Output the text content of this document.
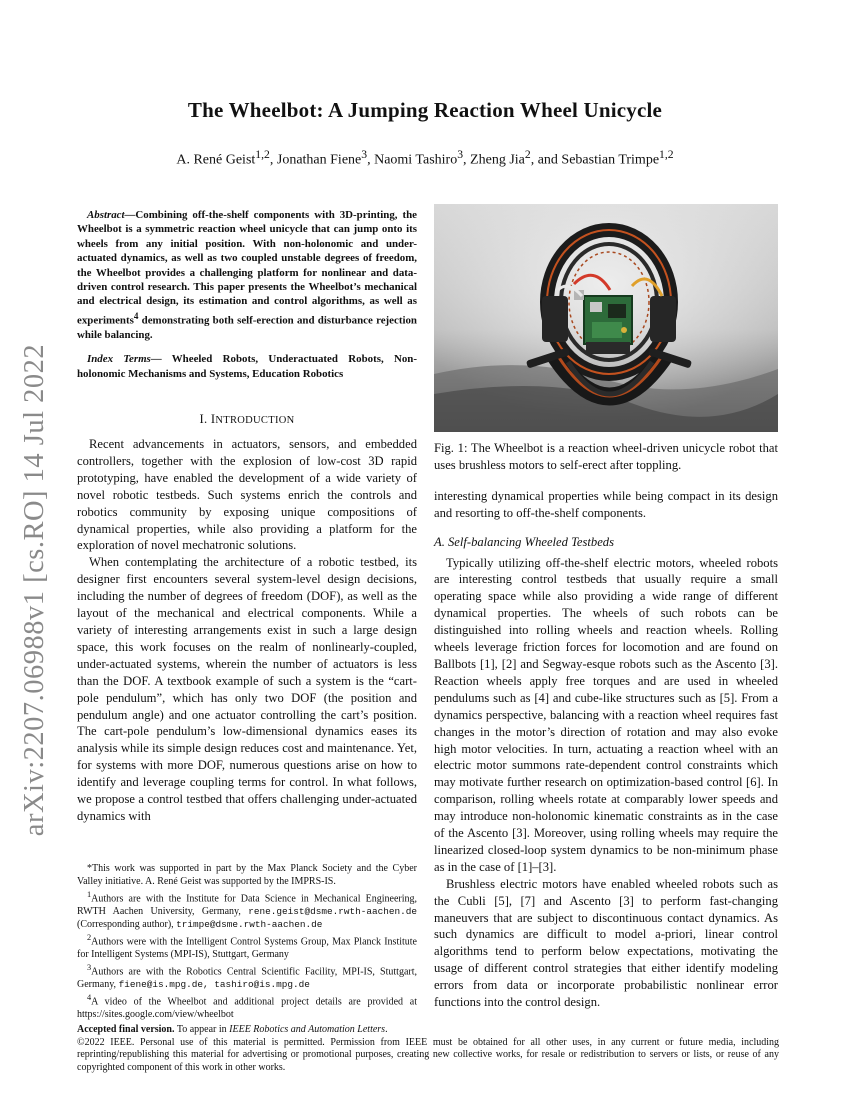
arXiv:2207.06988v1 [cs.RO] 14 Jul 2022
The Wheelbot: A Jumping Reaction Wheel Unicycle
A. René Geist$^{1,2}$, Jonathan Fiene$^3$, Naomi Tashiro$^3$, Zheng Jia$^2$, and Sebastian Trimpe$^{1,2}$

Abstract—Combining off-the-shelf components with 3D-printing, the Wheelbot is a symmetric reaction wheel unicycle that can jump onto its wheels from any initial position. With non-holonomic and under-actuated dynamics, as well as two coupled unstable degrees of freedom, the Wheelbot provides a challenging platform for nonlinear and data-driven control research. This paper presents the Wheelbot’s mechanical and electrical design, its estimation and control algorithms, as well as experiments$^4$ demonstrating both self-erection and disturbance rejection while balancing.

Index Terms— Wheeled Robots, Underactuated Robots, Non-holonomic Mechanisms and Systems, Education Robotics

I. INTRODUCTION

Recent advancements in actuators, sensors, and embedded controllers, together with the explosion of low-cost 3D rapid prototyping, have enabled the development of a wide variety of novel robotic testbeds. Such systems enrich the controls and robotics community by exposing unique compositions of dynamical properties, while also providing a platform for the exploration of novel mechatronic solutions.

When contemplating the architecture of a robotic testbed, its designer first encounters several system-level design decisions, including the number of degrees of freedom (DOF), as well as the layout of the mechanical and electrical components. While a variety of interesting arrangements exist in such a large design space, this work focuses on the realm of nonlinearly-coupled, under-actuated systems, wherein the number of actuators is less than the DOF. A textbook example of such a system is the “cart-pole pendulum”, which has only two DOF (the position and pendulum angle) and one actuator controlling the cart’s position. The cart-pole pendulum’s low-dimensional dynamics eases its analysis while its simple design reduces cost and maintenance. Yet, for systems with more DOF, numerous questions arise on how to identify and leverage coupling terms for control. In what follows, we propose a control testbed that offers challenging under-actuated dynamics with

*This work was supported in part by the Max Planck Society and the Cyber Valley initiative. A. René Geist was supported by the IMPRS-IS.

$^1$Authors are with the Institute for Data Science in Mechanical Engineering, RWTH Aachen University, Germany, rene.geist@dsme.rwth-aachen.de (Corresponding author), trimpe@dsme.rwth-aachen.de

$^2$Authors were with the Intelligent Control Systems Group, Max Planck Institute for Intelligent Systems (MPI-IS), Stuttgart, Germany

$^3$Authors are with the Robotics Central Scientific Facility, MPI-IS, Stuttgart, Germany, fiene@is.mpg.de, tashiro@is.mpg.de

$^4$A video of the Wheelbot and additional project details are provided at https://sites.google.com/view/wheelbot

Fig. 1: The Wheelbot is a reaction wheel-driven unicycle robot that uses brushless motors to self-erect after toppling.

interesting dynamical properties while being compact in its design and resorting to off-the-shelf components.

A. Self-balancing Wheeled Testbeds

Typically utilizing off-the-shelf electric motors, wheeled robots are interesting control testbeds that usually require a small operating space while also providing a wide range of different dynamical properties. The wheels of such robots can be distinguished into rolling wheels and reaction wheels. Rolling wheels leverage friction forces for locomotion and are found on Ballbots [1], [2] and Segway-esque robots such as the Ascento [3]. Reaction wheels apply free torques and are used in wheeled pendulums such as [4] and cube-like structures such as [5]. From a dynamics perspective, balancing with a reaction wheel requires fast changes in the motor’s direction of rotation and may also evoke high motor velocities. In turn, actuating a reaction wheel with an electric motor summons rate-dependent control constraints which may motivate further research on optimization-based control [6]. In comparison, rolling wheels rotate at comparably lower speeds and may introduce non-holonomic kinematic constraints as in the case of the Ascento [3]. Moreover, using rolling wheels may require the linearized closed-loop system dynamics to be non-minimum phase as in the case of [1]–[3].

Brushless electric motors have enabled wheeled robots such as the Cubli [5], [7] and Ascento [3] to perform fast-changing maneuvers that are subject to discontinuous contact dynamics. As such dynamics are difficult to model a-priori, linear control algorithms tend to perform below expectations, motivating the usage of different control strategies that either identify modeling errors from data or incorporate probabilistic nonlinear error functions into the control design.

Accepted final version. To appear in IEEE Robotics and Automation Letters.

©2022 IEEE. Personal use of this material is permitted. Permission from IEEE must be obtained for all other uses, in any current or future media, including reprinting/republishing this material for advertising or promotional purposes, creating new collective works, for resale or redistribution to servers or lists, or reuse of any copyrighted component of this work in other works.
